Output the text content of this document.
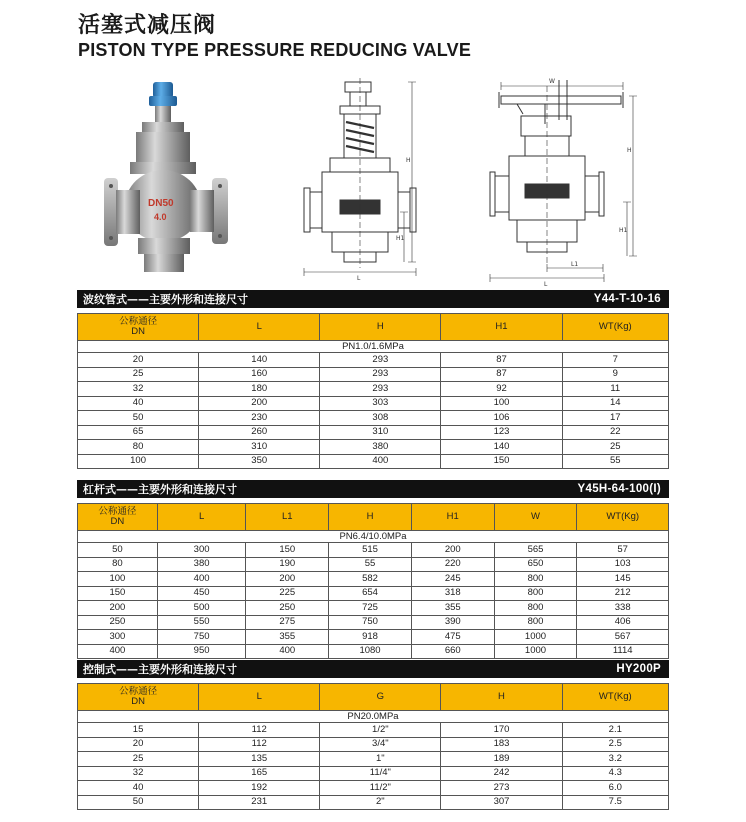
活塞式减压阀
PISTON TYPE PRESSURE REDUCING VALVE
DN50
4.0
H
H1
L
W
H
H1
L1
L
波纹管式——主要外形和连接尺寸	Y44-T-10-16
公称通径
DN	L	H	H1	WT(Kg)
PN1.0/1.6MPa				
20	140	293	87	7
25	160	293	87	9
32	180	293	92	11
40	200	303	100	14
50	230	308	106	17
65	260	310	123	22
80	310	380	140	25
100	350	400	150	55
杠杆式——主要外形和连接尺寸	Y45H-64-100(I)
公称通径
DN	L	L1	H	H1	W	WT(Kg)
PN6.4/10.0MPa						
50	300	150	515	200	565	57
80	380	190	55	220	650	103
100	400	200	582	245	800	145
150	450	225	654	318	800	212
200	500	250	725	355	800	338
250	550	275	750	390	800	406
300	750	355	918	475	1000	567
400	950	400	1080	660	1000	1114
控制式——主要外形和连接尺寸	HY200P
公称通径
DN	L	G	H	WT(Kg)
PN20.0MPa				
15	112	1/2"	170	2.1
20	112	3/4"	183	2.5
25	135	1"	189	3.2
32	165	11/4"	242	4.3
40	192	11/2"	273	6.0
50	231	2"	307	7.5
